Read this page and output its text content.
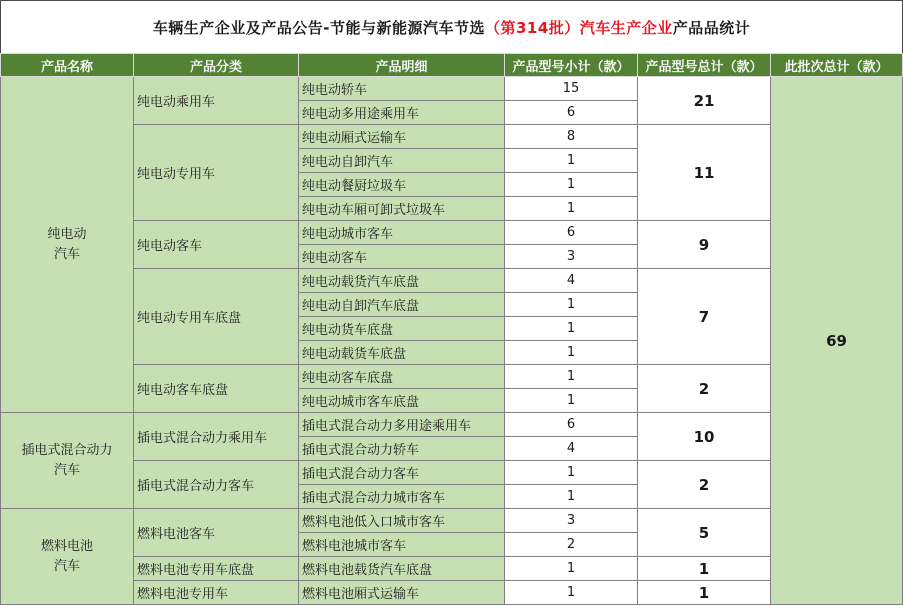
车辆生产企业及产品公告-节能与新能源汽车节选 （第314批）汽车生产企业 产品品统计
产品名称	产品分类	产品明细	产品型号小计（款）	产品型号总计（款）	此批次总计（款）

纯电动
汽车	纯电动乘用车	纯电动轿车	15	21	69
		纯电动多用途乘用车	6		
	纯电动专用车	纯电动厢式运输车	8	11	
		纯电动自卸汽车	1		
		纯电动餐厨垃圾车	1		
		纯电动车厢可卸式垃圾车	1		
	纯电动客车	纯电动城市客车	6	9	
		纯电动客车	3		
	纯电动专用车底盘	纯电动载货汽车底盘	4	7	
		纯电动自卸汽车底盘	1		
		纯电动货车底盘	1		
		纯电动载货车底盘	1		
	纯电动客车底盘	纯电动客车底盘	1	2	
		纯电动城市客车底盘	1		

插电式混合动力
汽车	插电式混合动力乘用车	插电式混合动力多用途乘用车	6	10	
		插电式混合动力轿车	4		
	插电式混合动力客车	插电式混合动力客车	1	2	
		插电式混合动力城市客车	1		

燃料电池
汽车	燃料电池客车	燃料电池低入口城市客车	3	5	
		燃料电池城市客车	2		
	燃料电池专用车底盘	燃料电池载货汽车底盘	1	1	
	燃料电池专用车	燃料电池厢式运输车	1	1	
